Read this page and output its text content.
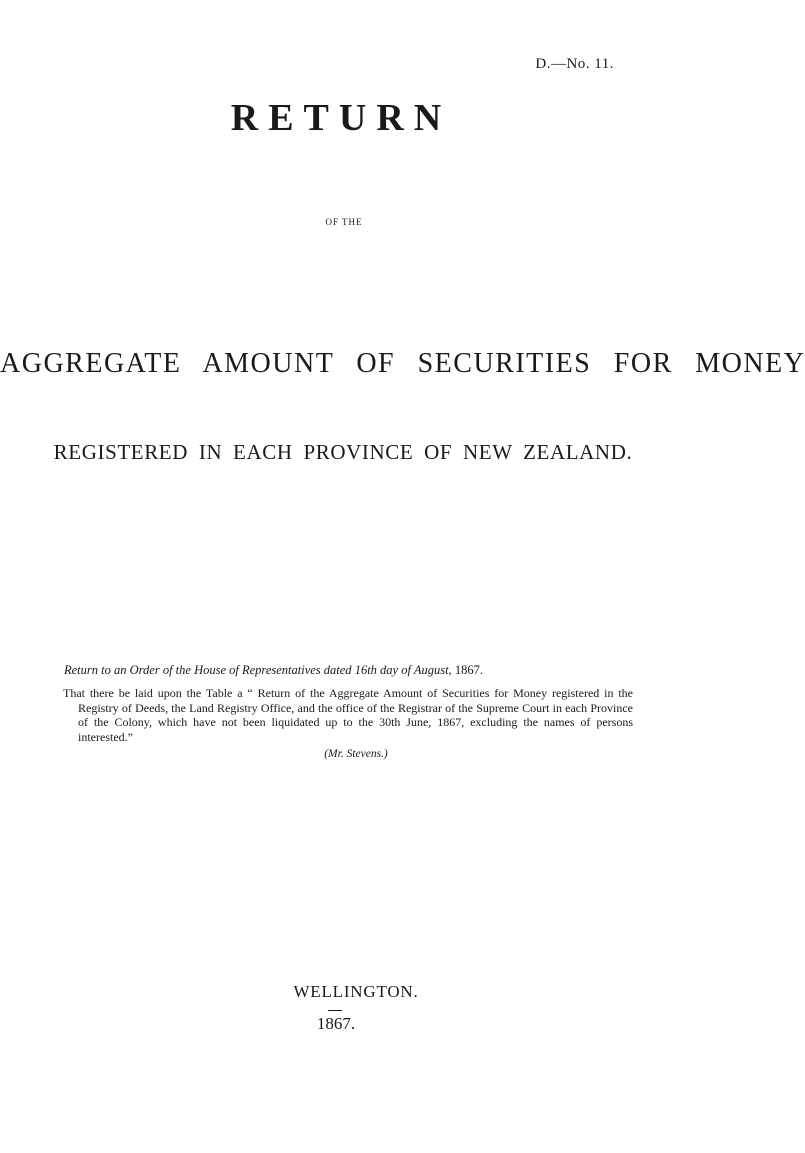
D.—No. 11.
RETURN
OF THE
AGGREGATE AMOUNT OF SECURITIES FOR MONEY
REGISTERED IN EACH PROVINCE OF NEW ZEALAND.
Return to an Order of the House of Representatives dated 16th day of August, 1867.
That there be laid upon the Table a “ Return of the Aggregate Amount of Securities for Money registered in the Registry of Deeds, the Land Registry Office, and the office of the Registrar of the Supreme Court in each Province of the Colony, which have not been liquidated up to the 30th June, 1867, excluding the names of persons interested.”
(Mr. Stevens.)
WELLINGTON.
1867.
